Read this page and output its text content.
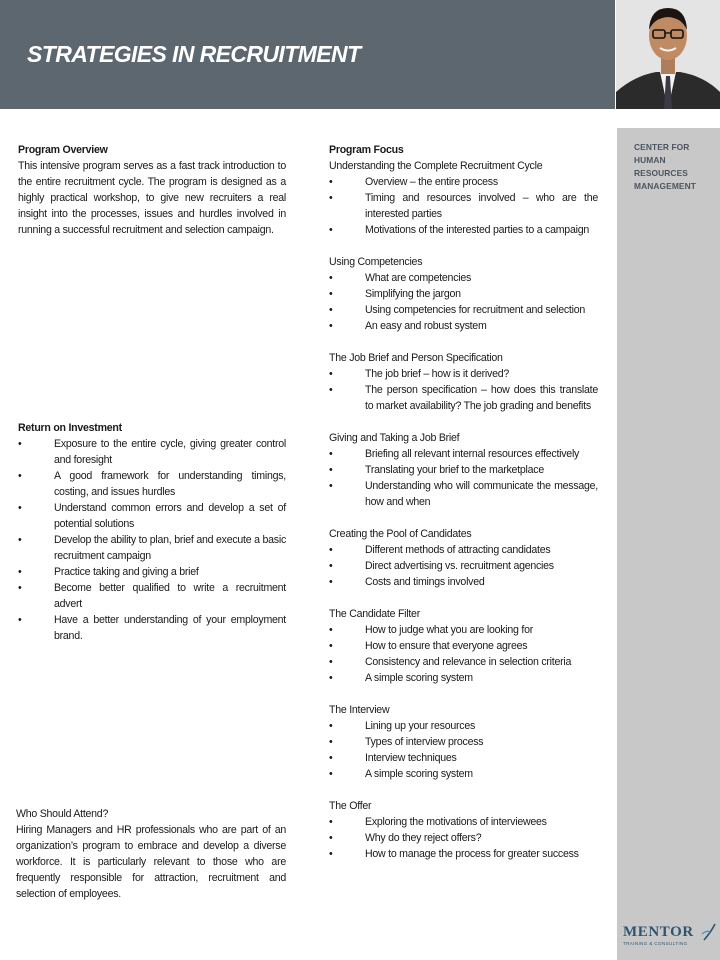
STRATEGIES IN RECRUITMENT
CENTER FOR
HUMAN
RESOURCES
MANAGEMENT
MENTOR
TRAINING & CONSULTING
Program Overview
This intensive program serves as a fast track introduction to the entire recruitment cycle. The program is designed as a highly practical workshop, to give new recruiters a real insight into the processes, issues and hurdles involved in running a successful recruitment and selection campaign.
Return on Investment
• Exposure to the entire cycle, giving greater control and foresight
• A good framework for understanding timings, costing, and issues hurdles
• Understand common errors and develop a set of potential solutions
• Develop the ability to plan, brief and execute a basic recruitment campaign
• Practice taking and giving a brief
• Become better qualified to write a recruitment advert
• Have a better understanding of your employment brand.
Who Should Attend?
Hiring Managers and HR professionals who are part of an organization’s program to embrace and develop a diverse workforce. It is particularly relevant to those who are frequently responsible for attraction, recruitment and selection of employees.
Program Focus
Understanding the Complete Recruitment Cycle
• Overview – the entire process
• Timing and resources involved – who are the interested parties
• Motivations of the interested parties to a campaign
Using Competencies
• What are competencies
• Simplifying the jargon
• Using competencies for recruitment and selection
• An easy and robust system
The Job Brief and Person Specification
• The job brief – how is it derived?
• The person specification – how does this translate to market availability? The job grading and benefits
Giving and Taking a Job Brief
• Briefing all relevant internal resources effectively
• Translating your brief to the marketplace
• Understanding who will communicate the message, how and when
Creating the Pool of Candidates
• Different methods of attracting candidates
• Direct advertising vs. recruitment agencies
• Costs and timings involved
The Candidate Filter
• How to judge what you are looking for
• How to ensure that everyone agrees
• Consistency and relevance in selection criteria
• A simple scoring system
The Interview
• Lining up your resources
• Types of interview process
• Interview techniques
• A simple scoring system
The Offer
• Exploring the motivations of interviewees
• Why do they reject offers?
• How to manage the process for greater success
